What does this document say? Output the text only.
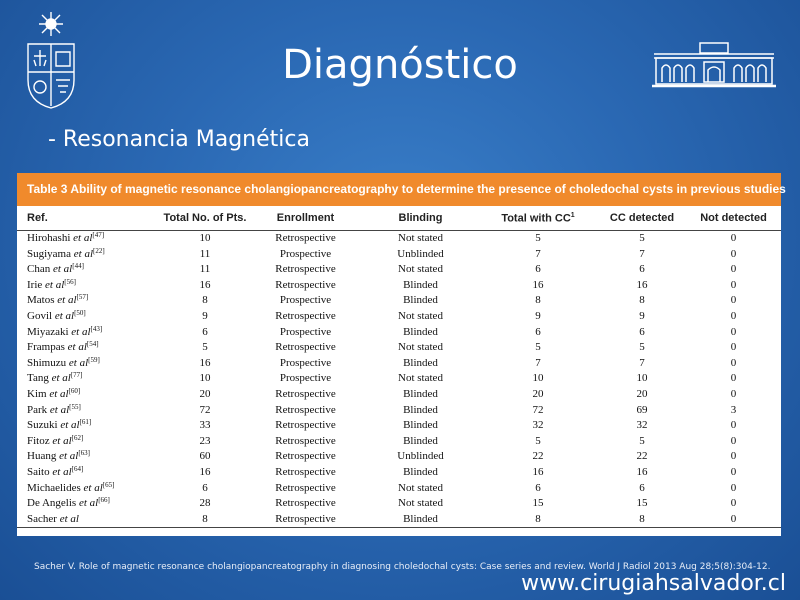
Diagnóstico
- Resonancia Magnética
Table 3 Ability of magnetic resonance cholangiopancreatography to determine the presence of choledochal cysts in previous studies
Ref.	Total No. of Pts.	Enrollment	Blinding	Total with $CC^1$	CC detected	Not detected
Hirohashi et al[47]	10	Retrospective	Not stated	5	5	0
Sugiyama et al[22]	11	Prospective	Unblinded	7	7	0
Chan et al[44]	11	Retrospective	Not stated	6	6	0
Irie et al[56]	16	Retrospective	Blinded	16	16	0
Matos et al[57]	8	Prospective	Blinded	8	8	0
Govil et al[50]	9	Retrospective	Not stated	9	9	0
Miyazaki et al[43]	6	Prospective	Blinded	6	6	0
Frampas et al[54]	5	Retrospective	Not stated	5	5	0
Shimuzu et al[59]	16	Prospective	Blinded	7	7	0
Tang et al[77]	10	Prospective	Not stated	10	10	0
Kim et al[60]	20	Retrospective	Blinded	20	20	0
Park et al[55]	72	Retrospective	Blinded	72	69	3
Suzuki et al[61]	33	Retrospective	Blinded	32	32	0
Fitoz et al[62]	23	Retrospective	Blinded	5	5	0
Huang et al[63]	60	Retrospective	Unblinded	22	22	0
Saito et al[64]	16	Retrospective	Blinded	16	16	0
Michaelides et al[65]	6	Retrospective	Not stated	6	6	0
De Angelis et al[66]	28	Retrospective	Not stated	15	15	0
Sacher et al	8	Retrospective	Blinded	8	8	0
Sacher V. Role of magnetic resonance cholangiopancreatography in diagnosing choledochal cysts: Case series and review. World J Radiol 2013 Aug 28;5(8):304-12.
www.cirugiahsalvador.cl
